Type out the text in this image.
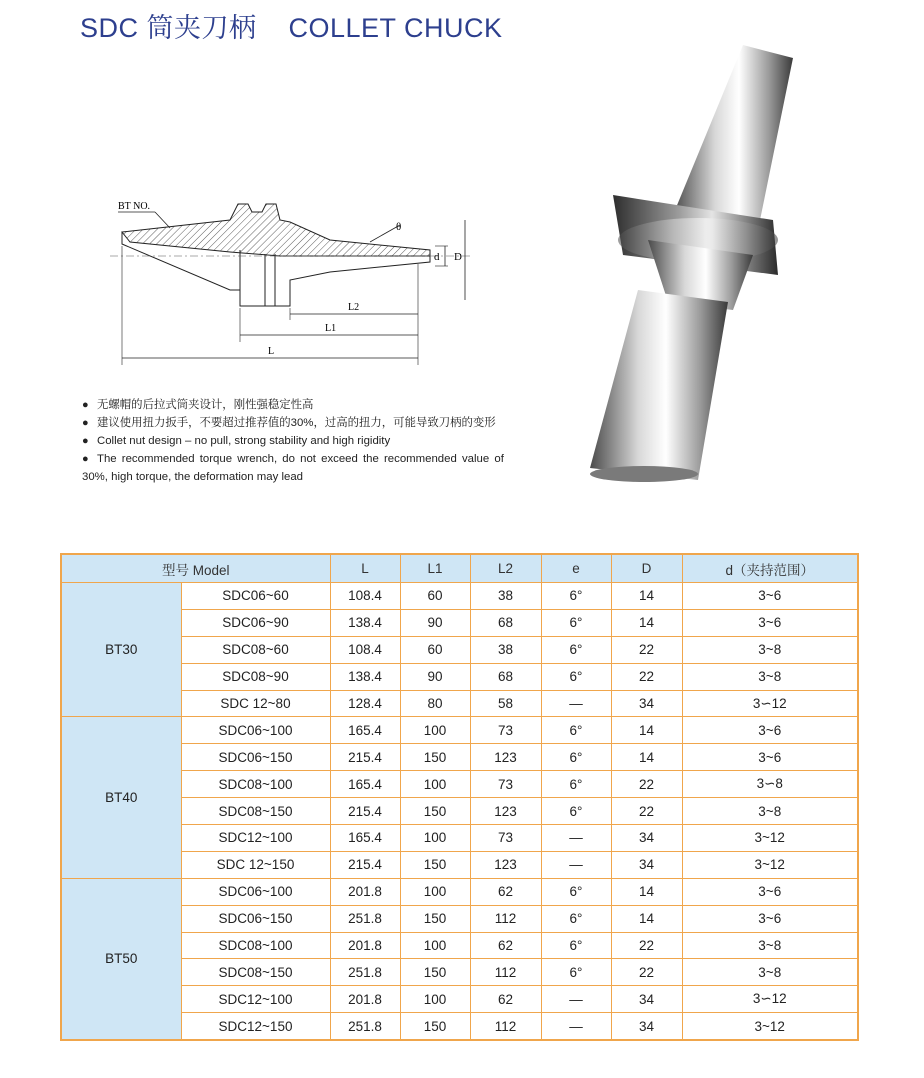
SDC 筒夹刀柄    COLLET CHUCK
BT NO.
θ
d D
L2
L1
L
● 无螺帽的后拉式筒夹设计，刚性强稳定性高
● 建议使用扭力扳手，不要超过推荐值的30%，过高的扭力，可能导致刀柄的变形
● Collet nut design – no pull, strong stability and high rigidity
● The recommended torque wrench, do not exceed the recommended value of
30%, high torque, the deformation may lead
型号 Model		L	L1	L2	e	D	d（夹持范围）
BT30	SDC06~60	108.4	60	38	6°	14	3~6
	SDC06~90	138.4	90	68	6°	14	3~6
	SDC08~60	108.4	60	38	6°	22	3~8
	SDC08~90	138.4	90	68	6°	22	3~8
	SDC 12~80	128.4	80	58	—	34	3∽12
BT40	SDC06~100	165.4	100	73	6°	14	3~6
	SDC06~150	215.4	150	123	6°	14	3~6
	SDC08~100	165.4	100	73	6°	22	3∽8
	SDC08~150	215.4	150	123	6°	22	3~8
	SDC12~100	165.4	100	73	—	34	3~12
	SDC 12~150	215.4	150	123	—	34	3~12
BT50	SDC06~100	201.8	100	62	6°	14	3~6
	SDC06~150	251.8	150	112	6°	14	3~6
	SDC08~100	201.8	100	62	6°	22	3~8
	SDC08~150	251.8	150	112	6°	22	3~8
	SDC12~100	201.8	100	62	—	34	3∽12
	SDC12~150	251.8	150	112	—	34	3~12
